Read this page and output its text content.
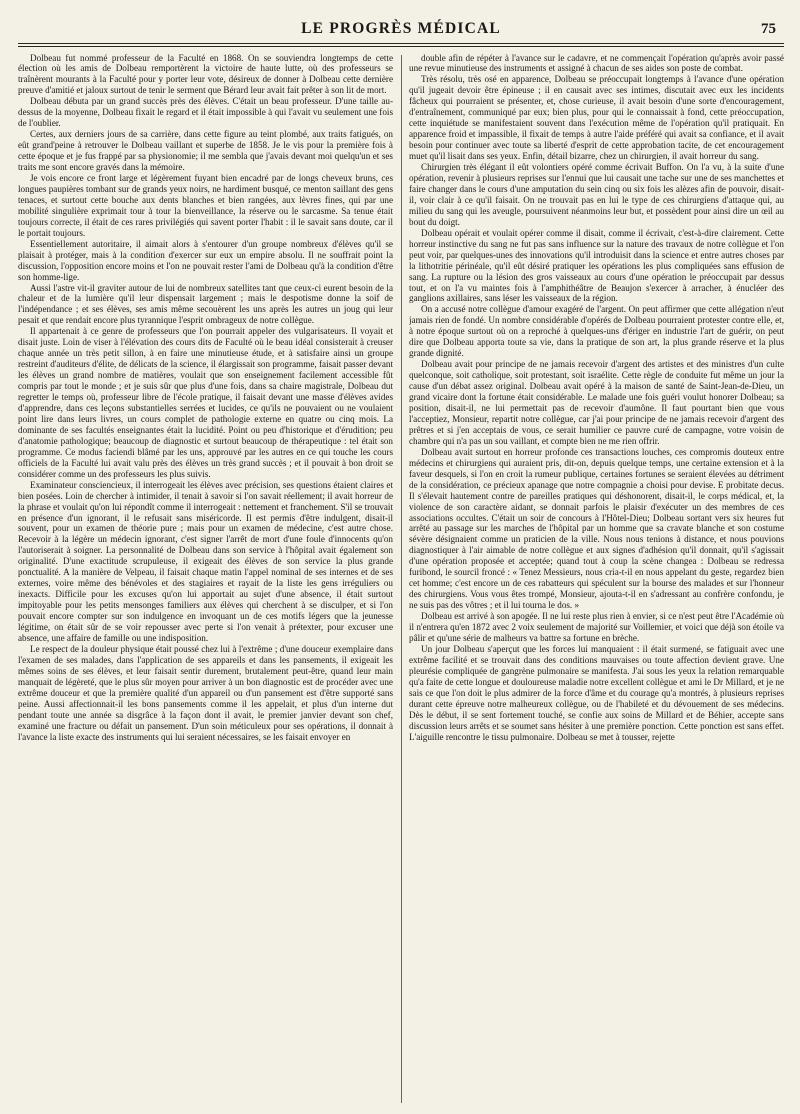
LE PROGRÈS MÉDICAL	75

Dolbeau fut nommé professeur de la Faculté en 1868. On se souviendra longtemps de cette élection où les amis de Dolbeau remportèrent la victoire de haute lutte, où des professeurs se traînèrent mourants à la Faculté pour y porter leur vote, désireux de donner à Dolbeau cette dernière preuve d'amitié et jaloux surtout de tenir le serment que Bérard leur avait fait prêter à son lit de mort.

Dolbeau débuta par un grand succès près des élèves. C'était un beau professeur. D'une taille au-dessus de la moyenne, Dolbeau fixait le regard et il était impossible à qui l'avait vu seulement une fois de l'oublier.

Certes, aux derniers jours de sa carrière, dans cette figure au teint plombé, aux traits fatigués, on eût grand'peine à retrouver le Dolbeau vaillant et superbe de 1858. Je le vis pour la première fois à cette époque et je fus frappé par sa physionomie; il me sembla que j'avais devant moi quelqu'un et ses traits me sont encore gravés dans la mémoire.

Je vois encore ce front large et légèrement fuyant bien encadré par de longs cheveux bruns, ces longues paupières tombant sur de grands yeux noirs, ne hardiment busqué, ce menton saillant des gens tenaces, et surtout cette bouche aux dents blanches et bien rangées, aux lèvres fines, qui par une mobilité singulière exprimait tour à tour la bienveillance, la réserve ou le sarcasme. Sa tenue était toujours correcte, il était de ces rares privilégiés qui savent porter l'habit : il le savait sans doute, car il le portait toujours.

Essentiellement autoritaire, il aimait alors à s'entourer d'un groupe nombreux d'élèves qu'il se plaisait à protéger, mais à la condition d'exercer sur eux un empire absolu. Il ne souffrait point la discussion, l'opposition encore moins et l'on ne pouvait rester l'ami de Dolbeau qu'à la condition d'être son homme-lige.

Aussi l'astre vit-il graviter autour de lui de nombreux satellites tant que ceux-ci eurent besoin de la chaleur et de la lumière qu'il leur dispensait largement ; mais le despotisme donne la soif de l'indépendance ; et ses élèves, ses amis même secouèrent les uns après les autres un joug qui leur pesait et que rendait encore plus tyrannique l'esprit ombrageux de notre collègue.

Il appartenait à ce genre de professeurs que l'on pourrait appeler des vulgarisateurs. Il voyait et disait juste. Loin de viser à l'élévation des cours dits de Faculté où le beau idéal consisterait à creuser chaque année un très petit sillon, à en faire une minutieuse étude, et à satisfaire ainsi un groupe restreint d'auditeurs d'élite, de délicats de la science, il élargissait son programme, faisait passer devant les élèves un grand nombre de matières, voulait que son enseignement facilement accessible fût compris par tout le monde ; et je suis sûr que plus d'une fois, dans sa chaire magistrale, Dolbeau dut regretter le temps où, professeur libre de l'école pratique, il faisait devant une masse d'élèves avides d'apprendre, dans ces leçons substantielles serrées et lucides, ce qu'ils ne pouvaient ou ne voulaient point lire dans leurs livres, un cours complet de pathologie externe en quatre ou cinq mois. La dominante de ses facultés enseignantes était la lucidité. Point ou peu d'historique et d'érudition; peu d'anatomie pathologique; beaucoup de diagnostic et surtout beaucoup de thérapeutique : tel était son programme. Ce modus faciendi blâmé par les uns, approuvé par les autres en ce qui touche les cours officiels de la Faculté lui avait valu près des élèves un très grand succès ; et il pouvait à bon droit se considérer comme un des professeurs les plus suivis.

Examinateur consciencieux, il interrogeait les élèves avec précision, ses questions étaient claires et bien posées. Loin de chercher à intimider, il tenait à savoir si l'on savait réellement; il avait horreur de la phrase et voulait qu'on lui répondît comme il interrogeait : nettement et franchement. S'il se trouvait en présence d'un ignorant, il le refusait sans miséricorde. Il est permis d'être indulgent, disait-il souvent, pour un examen de théorie pure ; mais pour un examen de médecine, c'est autre chose. Recevoir à la légère un médecin ignorant, c'est signer l'arrêt de mort d'une foule d'innocents qu'on l'autoriserait à soigner. La personnalité de Dolbeau dans son service à l'hôpital avait également son originalité. D'une exactitude scrupuleuse, il exigeait des élèves de son service la plus grande ponctualité. A la manière de Velpeau, il faisait chaque matin l'appel nominal de ses internes et de ses externes, voire même des bénévoles et des stagiaires et rayait de la liste les gens irréguliers ou inexacts. Difficile pour les excuses qu'on lui apportait au sujet d'une absence, il était surtout impitoyable pour les petits mensonges familiers aux élèves qui cherchent à se disculper, et si l'on pouvait encore compter sur son indulgence en invoquant un de ces motifs légers que la jeunesse légitime, on était sûr de se voir repousser avec perte si l'on venait à prétexter, pour excuser une absence, une affaire de famille ou une indisposition.

Le respect de la douleur physique était poussé chez lui à l'extrême ; d'une douceur exemplaire dans l'examen de ses malades, dans l'application de ses appareils et dans les pansements, il exigeait les mêmes soins de ses élèves, et leur faisait sentir durement, brutalement peut-être, quand leur main manquait de légèreté, que le plus sûr moyen pour arriver à un bon diagnostic est de procéder avec une extrême douceur et que la première qualité d'un appareil ou d'un pansement est d'être supporté sans peine. Aussi affectionnait-il les bons pansements comme il les appelait, et plus d'un interne dut pendant toute une année sa disgrâce à la façon dont il avait, le premier janvier devant son chef, examiné une fracture ou défait un pansement. D'un soin méticuleux pour ses opérations, il donnait à l'avance la liste exacte des instruments qui lui seraient nécessaires, se les faisait envoyer en

double afin de répéter à l'avance sur le cadavre, et ne commençait l'opération qu'après avoir passé une revue minutieuse des instruments et assigné à chacun de ses aides son poste de combat.

Très résolu, très osé en apparence, Dolbeau se préoccupait longtemps à l'avance d'une opération qu'il jugeait devoir être épineuse ; il en causait avec ses intimes, discutait avec eux les incidents fâcheux qui pourraient se présenter, et, chose curieuse, il avait besoin d'une sorte d'encouragement, d'entraînement, communiqué par eux; bien plus, pour qui le connaissait à fond, cette préoccupation, cette inquiétude se manifestaient souvent dans l'exécution même de l'opération qu'il pratiquait. En apparence froid et impassible, il fixait de temps à autre l'aide préféré qui avait sa confiance, et il avait besoin pour continuer avec toute sa liberté d'esprit de cette approbation tacite, de cet encouragement muet qu'il lisait dans ses yeux. Enfin, détail bizarre, chez un chirurgien, il avait horreur du sang.

Chirurgien très élégant il eût volontiers opéré comme écrivait Buffon. On l'a vu, à la suite d'une opération, revenir à plusieurs reprises sur l'ennui que lui causait une tache sur une de ses manchettes et faire changer dans le cours d'une amputation du sein cinq ou six fois les alèzes afin de pouvoir, disait-il, voir clair à ce qu'il faisait. On ne trouvait pas en lui le type de ces chirurgiens d'attaque qui, au milieu du sang qui les aveugle, poursuivent néanmoins leur but, et possèdent pour ainsi dire un œil au bout du doigt.

Dolbeau opérait et voulait opérer comme il disait, comme il écrivait, c'est-à-dire clairement. Cette horreur instinctive du sang ne fut pas sans influence sur la nature des travaux de notre collègue et l'on peut voir, par quelques-unes des innovations qu'il introduisit dans la science et entre autres choses par la lithotritie périnéale, qu'il eût désiré pratiquer les opérations les plus compliquées sans effusion de sang. La rupture ou la lésion des gros vaisseaux au cours d'une opération le préoccupait par dessus tout, et on l'a vu maintes fois à l'amphithéâtre de Beaujon s'exercer à arracher, à énucléer des ganglions axillaires, sans léser les vaisseaux de la région.

On a accusé notre collègue d'amour exagéré de l'argent. On peut affirmer que cette allégation n'eut jamais rien de fondé. Un nombre considérable d'opérés de Dolbeau pourraient protester contre elle, et, à notre époque surtout où on a reproché à quelques-uns d'ériger en industrie l'art de guérir, on peut dire que Dolbeau apporta toute sa vie, dans la pratique de son art, la plus grande réserve et la plus grande dignité.

Dolbeau avait pour principe de ne jamais recevoir d'argent des artistes et des ministres d'un culte quelconque, soit catholique, soit protestant, soit israélite. Cette règle de conduite fut même un jour la cause d'un débat assez original. Dolbeau avait opéré à la maison de santé de Saint-Jean-de-Dieu, un grand vicaire dont la fortune était considérable. Le malade une fois guéri voulut honorer Dolbeau; sa position, disait-il, ne lui permettait pas de recevoir d'aumône. Il faut pourtant bien que vous l'acceptiez, Monsieur, repartit notre collègue, car j'ai pour principe de ne jamais recevoir d'argent des prêtres et si j'en acceptais de vous, ce serait humilier ce pauvre curé de campagne, votre voisin de chambre qui n'a pas un sou vaillant, et compte bien ne me rien offrir.

Dolbeau avait surtout en horreur profonde ces transactions louches, ces compromis douteux entre médecins et chirurgiens qui auraient pris, dit-on, depuis quelque temps, une certaine extension et à la faveur desquels, si l'on en croit la rumeur publique, certaines fortunes se seraient élevées au détriment de la considération, ce précieux apanage que notre compagnie a choisi pour devise. E probitate decus. Il s'élevait hautement contre de pareilles pratiques qui déshonorent, disait-il, le corps médical, et, la violence de son caractère aidant, se donnait parfois le plaisir d'exécuter un des membres de ces associations occultes. C'était un soir de concours à l'Hôtel-Dieu; Dolbeau sortant vers six heures fut arrêté au passage sur les marches de l'hôpital par un homme que sa cravate blanche et son costume sévère désignaient comme un praticien de la ville. Nous nous tenions à distance, et nous pouvions diagnostiquer à l'air aimable de notre collègue et aux signes d'adhésion qu'il donnait, qu'il s'agissait d'une opération proposée et acceptée; quand tout à coup la scène changea : Dolbeau se redressa furibond, le sourcil froncé : « Tenez Messieurs, nous cria-t-il en nous appelant du geste, regardez bien cet homme; c'est encore un de ces rabatteurs qui spéculent sur la bourse des malades et sur l'honneur des chirurgiens. Vous vous êtes trompé, Monsieur, ajouta-t-il en s'adressant au confrère confondu, je ne suis pas des vôtres ; et il lui tourna le dos. »

Dolbeau est arrivé à son apogée. Il ne lui reste plus rien à envier, si ce n'est peut être l'Académie où il n'entrera qu'en 1872 avec 2 voix seulement de majorité sur Voillemier, et voici que déjà son étoile va pâlir et qu'une série de malheurs va battre sa fortune en brèche.

Un jour Dolbeau s'aperçut que les forces lui manquaient : il était surmené, se fatiguait avec une extrême facilité et se trouvait dans des conditions mauvaises ou toute affection devient grave. Une pleurésie compliquée de gangrène pulmonaire se manifesta. J'ai sous les yeux la relation remarquable qu'a faite de cette longue et douloureuse maladie notre excellent collègue et ami le Dr Millard, et je ne sais ce que l'on doit le plus admirer de la force d'âme et du courage qu'a montrés, à plusieurs reprises durant cette épreuve notre malheureux collègue, ou de l'habileté et du dévouement de ses médecins. Dès le début, il se sent fortement touché, se confie aux soins de Millard et de Béhier, accepte sans discussion leurs arrêts et se soumet sans hésiter à une première ponction. Cette ponction est sans effet. L'aiguille rencontre le tissu pulmonaire. Dolbeau se met à tousser, rejette
